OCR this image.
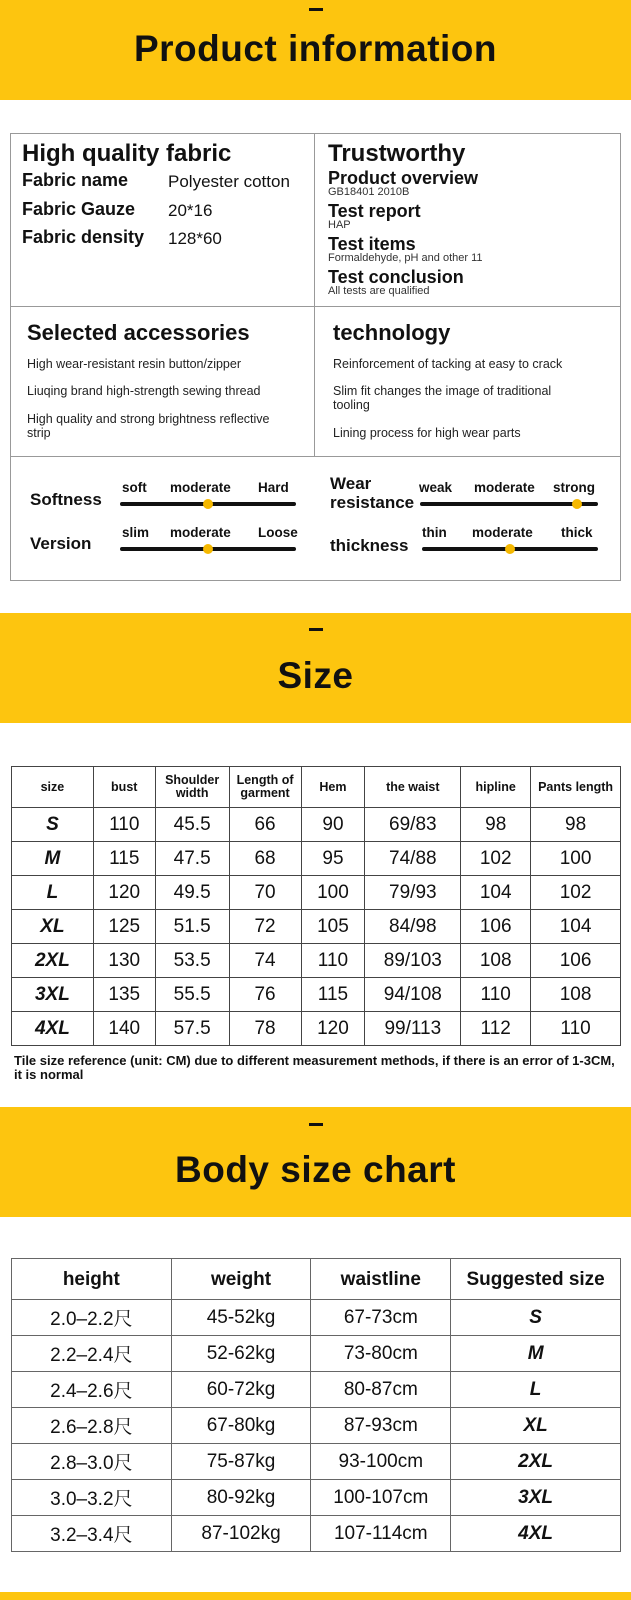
Product information
High quality fabric
Fabric name Polyester cotton
Fabric Gauze 20*16
Fabric density 128*60
Trustworthy
Product overview
GB18401 2010B
Test report
HAP
Test items
Formaldehyde, pH and other 11
Test conclusion
All tests are qualified
Selected accessories
High wear-resistant resin button/zipper
Liuqing brand high-strength sewing thread
High quality and strong brightness reflective
strip
technology
Reinforcement of tacking at easy to crack
Slim fit changes the image of traditional
tooling
Lining process for high wear parts
Softness
soft moderate Hard
Version
slim moderate Loose
Wear
resistance
weak moderate strong
thickness
thin moderate thick
Size
size	bust	Shoulder width	Length of garment	Hem	the waist	hipline	Pants length
S	110	45.5	66	90	69/83	98	98
M	115	47.5	68	95	74/88	102	100
L	120	49.5	70	100	79/93	104	102
XL	125	51.5	72	105	84/98	106	104
2XL	130	53.5	74	110	89/103	108	106
3XL	135	55.5	76	115	94/108	110	108
4XL	140	57.5	78	120	99/113	112	110
Tile size reference (unit: CM) due to different measurement methods, if there is an error of 1-3CM, it is normal
Body size chart
height	weight	waistline	Suggested size
2.0–2.2尺	45-52kg	67-73cm	S
2.2–2.4尺	52-62kg	73-80cm	M
2.4–2.6尺	60-72kg	80-87cm	L
2.6–2.8尺	67-80kg	87-93cm	XL
2.8–3.0尺	75-87kg	93-100cm	2XL
3.0–3.2尺	80-92kg	100-107cm	3XL
3.2–3.4尺	87-102kg	107-114cm	4XL
